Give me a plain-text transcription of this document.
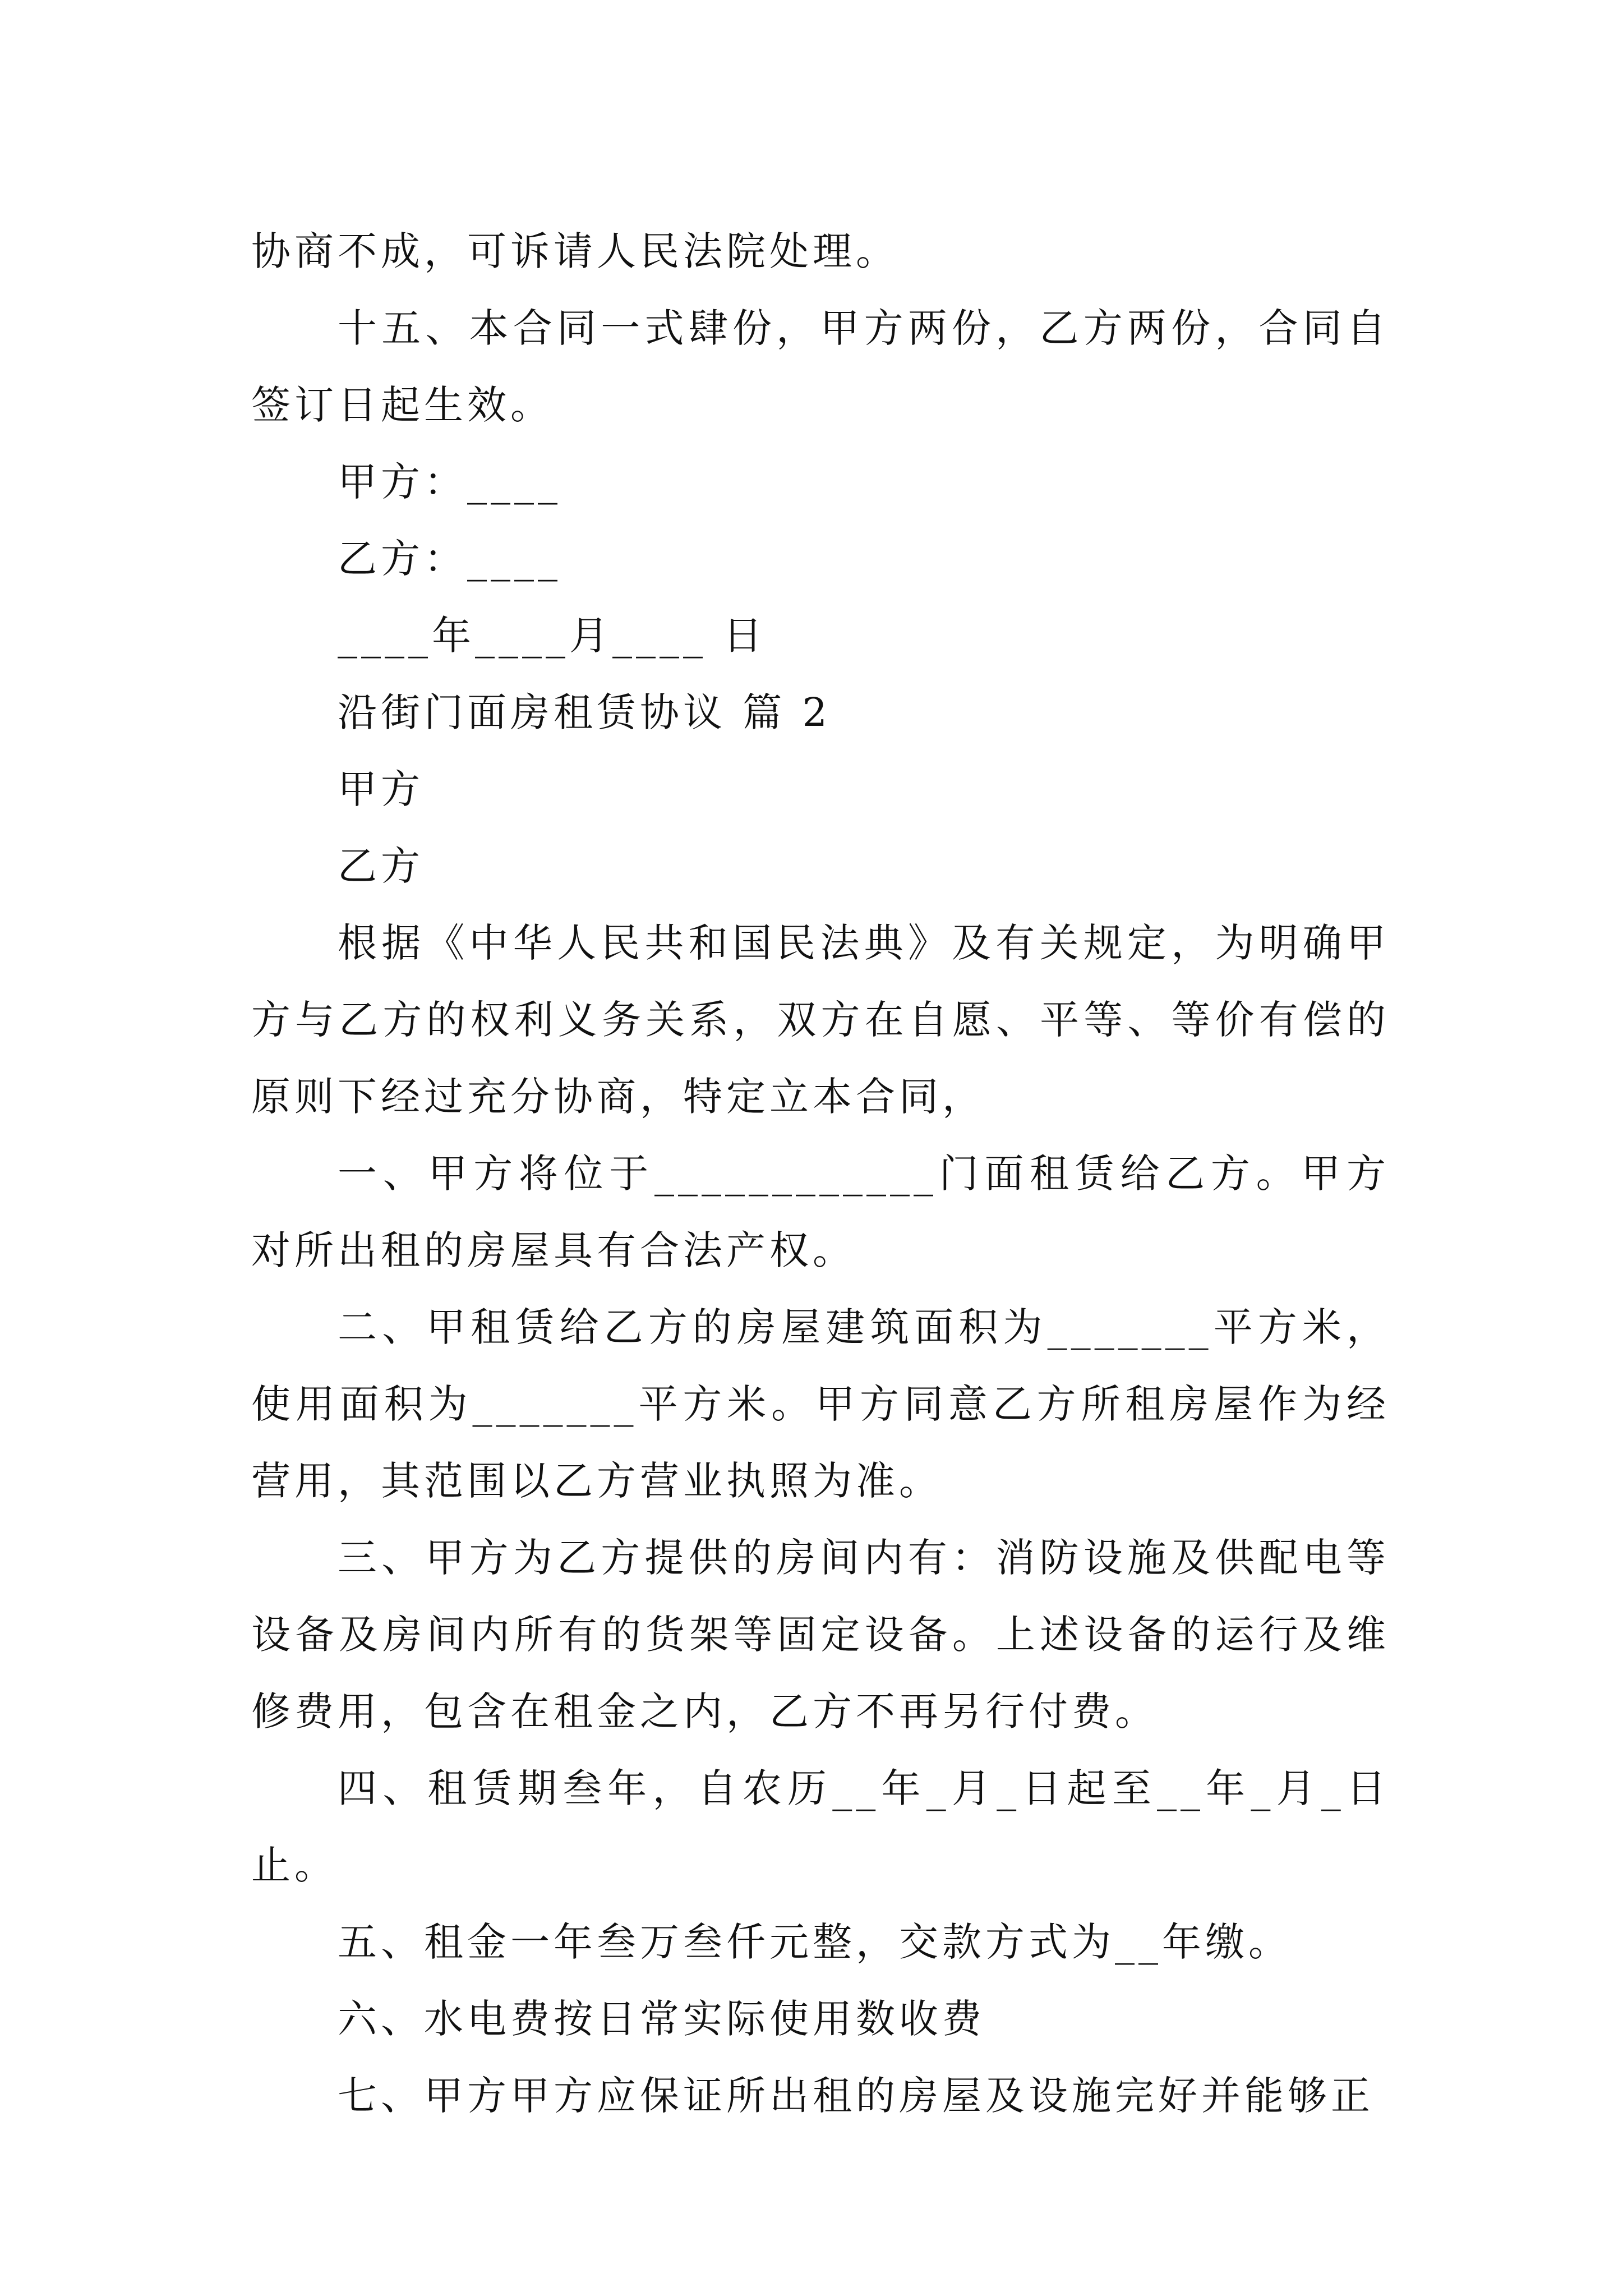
协商不成，可诉请人民法院处理。

十五、本合同一式肆份，甲方两份，乙方两份，合同自签订日起生效。

甲方：____

乙方：____

____年____月____ 日

沿街门面房租赁协议 篇 2

甲方

乙方

根据《中华人民共和国民法典》及有关规定，为明确甲方与乙方的权利义务关系，双方在自愿、平等、等价有偿的原则下经过充分协商，特定立本合同，

一、甲方将位于____________门面租赁给乙方。甲方对所出租的房屋具有合法产权。

二、甲租赁给乙方的房屋建筑面积为_______平方米，使用面积为_______平方米。甲方同意乙方所租房屋作为经营用，其范围以乙方营业执照为准。

三、甲方为乙方提供的房间内有：消防设施及供配电等设备及房间内所有的货架等固定设备。上述设备的运行及维修费用，包含在租金之内，乙方不再另行付费。

四、租赁期叁年，自农历__年_月_日起至__年_月_日止。

五、租金一年叁万叁仟元整，交款方式为__年缴。

六、水电费按日常实际使用数收费

七、甲方甲方应保证所出租的房屋及设施完好并能够正
